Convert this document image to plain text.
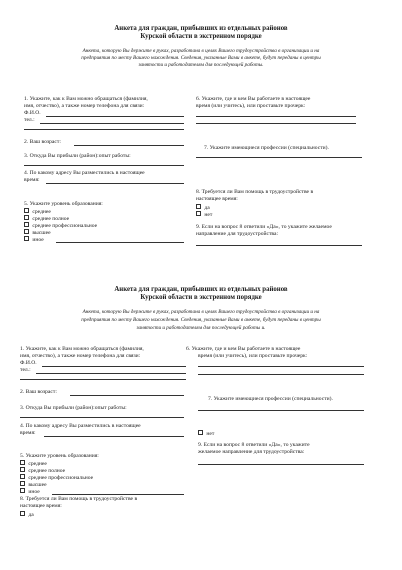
Анкета для граждан, прибывших из отдельных районов
Курской области в экстренном порядке
Анкета, которую Вы держите в руках, разработана в целях Вашего трудоустройства в организации и на
предприятия по месту Вашего нахождения. Сведения, указанные Вами в анкете, будут переданы в центры
занятости и работодателям для последующей работы.
1. Укажите, как к Вам можно обращаться (фамилия,
имя, отчество), а также номер телефона для связи:
Ф.И.О.
тел.:
6. Укажите, где и кем Вы работаете в настоящее
время (или учитесь), или проставьте прочерк:
2. Ваш возраст:
7. Укажите имеющиеся профессии (специальности).
3. Откуда Вы прибыли (район):опыт работы:
4. По какому адресу Вы разместились в настоящее
время:
8. Требуется ли Вам помощь в трудоустройстве в
настоящее время:
да
нет
5. Укажите уровень образования:
среднее
среднее полное
среднее профессиональное
высшее
иное
9. Если на вопрос 8 ответили «Да», то укажите желаемое
направление для трудоустройства:
Анкета для граждан, прибывших из отдельных районов
Курской области в экстренном порядке
Анкета, которую Вы держите в руках, разработана в целях Вашего трудоустройства в организации и на
предприятия по месту Вашего нахождения. Сведения, указанные Вами в анкете, будут переданы в центры
занятости и работодателям для последующей работы и.
1. Укажите, как к Вам можно обращаться (фамилия,
имя, отчество), а также номер телефона для связи:
Ф.И.О.
тел.:
6. Укажите, где и кем Вы работаете в настоящее
время (или учитесь), или проставьте прочерк:
2. Ваш возраст:
7. Укажите имеющиеся профессии (специальности).
3. Откуда Вы прибыли (район):опыт работы:
4. По какому адресу Вы разместились в настоящее
время:	нет
9. Если на вопрос 8 ответили «Да», то укажите
желаемое направление для трудоустройства:
5. Укажите уровень образования:
среднее
среднее полное
среднее профессиональное
высшее
иное
8. Требуется ли Вам помощь в трудоустройстве в
настоящее время:
да
